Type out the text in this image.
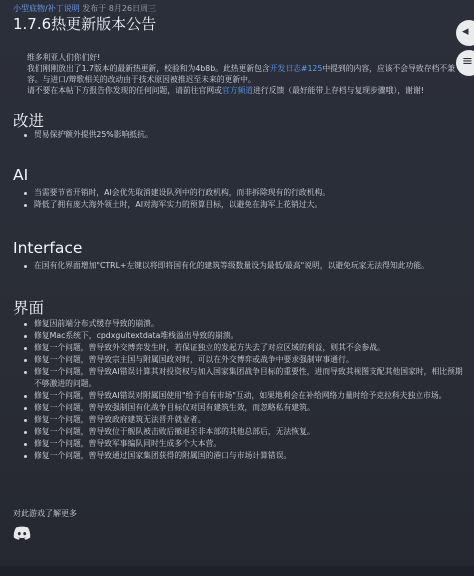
小型底物/补丁说明 发布于 8月26日周三
1.7.6热更新版本公告	◂
≡

维多利亚人们你们好!

我们刚刚放出了1.7版本的最新热更新，校验和为4b8b。此热更新包含开发日志#125中提到的内容，应该不会导致存档不兼容。与进口/辩歌相关的改动由于技术原因被推迟至未来的更新中。

请不要在本帖下方报告你发现的任何问题，请前往官网或官方频道进行反馈（最好能带上存档与复现步骤哦），谢谢!

改进
贸易保护额外提供25%影响抵抗。
AI
当需要节省开销时，AI会优先取消建设队列中的行政机构，而非拆除现有的行政机构。
降低了拥有庞大海外领土时，AI对海军实力的预算目标，以避免在海军上花销过大。
Interface
在国有化界面增加"CTRL+左键以将即将国有化的建筑等级数量设为最低/最高"说明，以避免玩家无法得知此功能。
界面
修复因前端分布式缓存导致的崩溃。
修复Mac系统下，cpdxguitextdata堆栈溢出导致的崩溃。
修复一个问题，曾导致外交博弈发生时，若保证独立的发起方失去了对应区域的利益，则其不会参战。
修复一个问题，曾导致宗主国与附属国政对时，可以在外交博弈或战争中要求强制审事通行。
修复一个问题，曾导致AI错误计算其对投资权与加入国家集团战争目标的重要性，进而导致其视图支配其他国家时，相比预期不够激进的问题。
修复一个问题，曾导致AI错误对附属国使用"给予自有市场"互动，如果地利会在补给网络力量时给予克拉科夫独立市场。
修复一个问题，曾导致强制国有化战争目标仅对国有建筑生效，而忽略私有建筑。
修复一个问题，曾导致政府建筑无法晋升就业者。
修复一个问题，曾导致位于舰队被击败后撤退至非本部的其他总部后，无法恢复。
修复一个问题，曾导致军事编队同时生成多个大本营。
修复一个问题，曾导致通过国家集团获得的附属国的港口与市场计算错误。
对此游戏了解更多
